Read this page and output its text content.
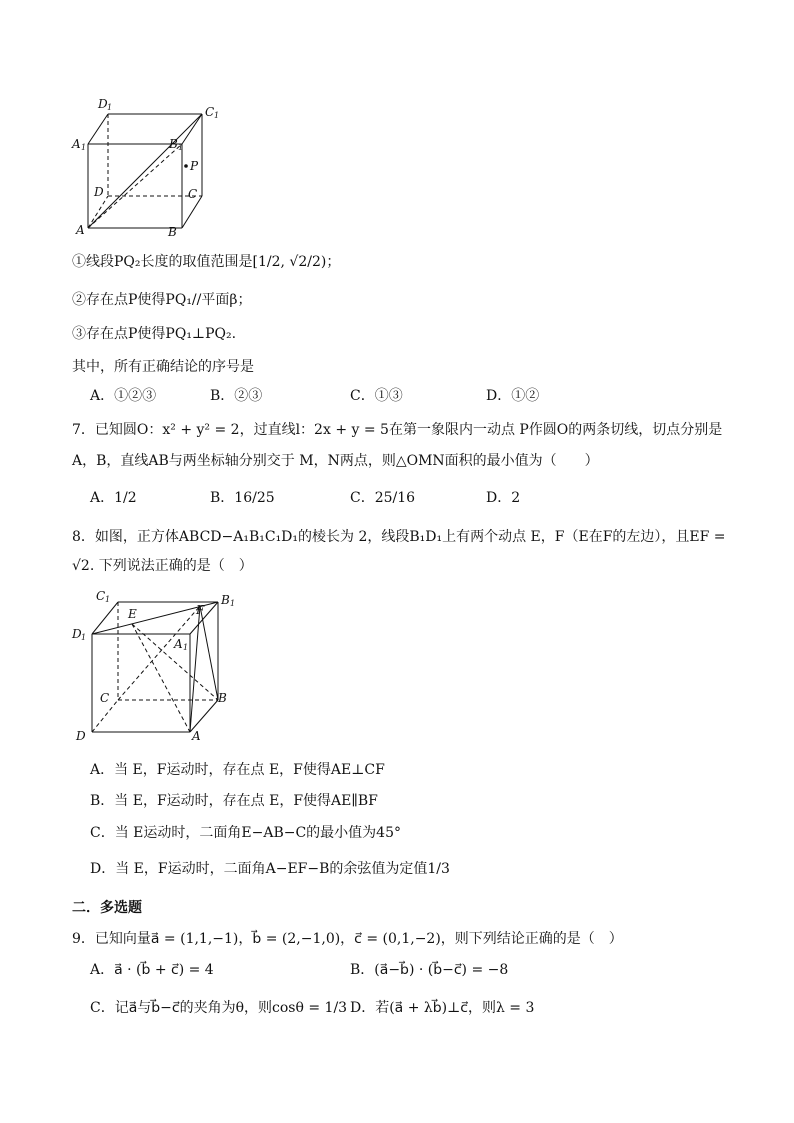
D 1	C 1
A 1	B 1
P
D	C
A	B
①线段PQ₂长度的取值范围是[1/2, √2/2)；
②存在点P使得PQ₁//平面β；
③存在点P使得PQ₁⊥PQ₂.
其中，所有正确结论的序号是
A．①②③	B．②③	C．①③	D．①②
7．已知圆O：x² + y² = 2，过直线l：2x + y = 5在第一象限内一动点 P作圆O的两条切线，切点分别是
A，B，直线AB与两坐标轴分别交于 M，N两点，则△OMN面积的最小值为（　　）
A．1/2	B．16/25	C．25/16	D．2
8．如图，正方体ABCD−A₁B₁C₁D₁的棱长为 2，线段B₁D₁上有两个动点 E，F（E在F的左边），且EF =
√2. 下列说法正确的是（　）
C 1
E	F
B 1
D 1	A 1
C	B
D	A
A．当 E，F运动时，存在点 E，F使得AE⊥CF
B．当 E，F运动时，存在点 E，F使得AE∥BF
C．当 E运动时，二面角E−AB−C的最小值为45°
D．当 E，F运动时，二面角A−EF−B的余弦值为定值1/3
二．多选题
9．已知向量a⃗ = (1,1,−1)，b⃗ = (2,−1,0)，c⃗ = (0,1,−2)，则下列结论正确的是（　）
A．a⃗ · (b⃗ + c⃗) = 4	B．(a⃗−b⃗) · (b⃗−c⃗) = −8
C．记a⃗与b⃗−c⃗的夹角为θ，则cosθ = 1/3 D．若(a⃗ + λb⃗)⊥c⃗，则λ = 3
